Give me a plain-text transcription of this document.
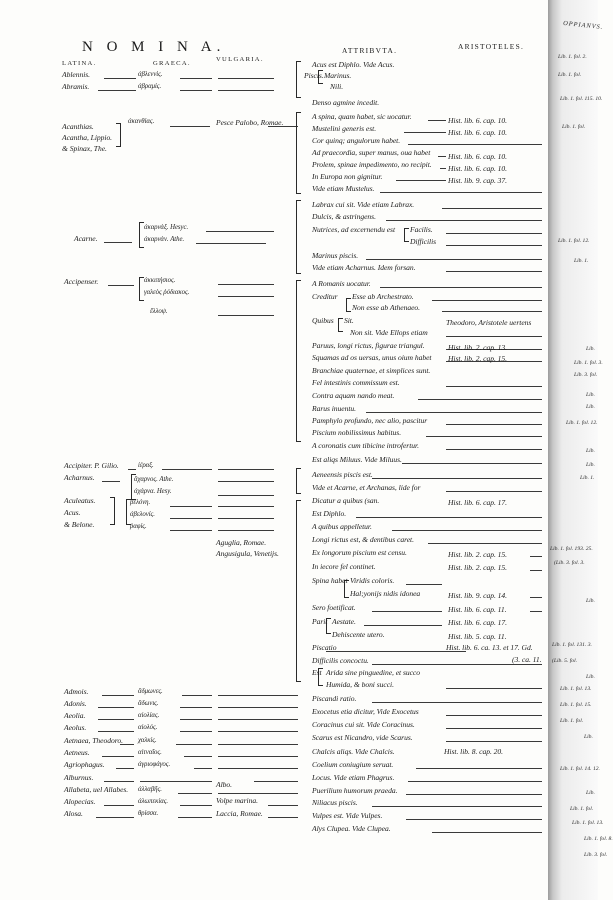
N O M I N A.
LATINA.	GRAECA.
VULGARIA.
ATTRIBVTA.	ARISTOTELES.
Ablennis.
Abramis.
Acanthias.
Acantha, Lippio.
& Spinax, The.
Acarne.
Accipenser.
Accipiter. P. Gilio.
Acharnus.
Aculeatus.
Acus.
& Belone.
Admois.
Adonis.
Aeolia.
Aeolus.
Aetnaea, Theodoro.
Aetneus.
Agriophagus.
Alburnus.
Allabeta, uel Allabes.
Alopecias.
Alosa.
ἀβλεννὶς.
ἀβραμὶς.
ἀκανθίας.
ἀκαρνὰξ. Hesyc.
ἀκαρνὰν. Athe.
ἀκκιπήσιος.
γαλεὸς ῥόδιακος.
ἔλλοψ.
ἱέραξ.
ἄχαρνος. Athe.
ἀχάρνα. Hesy.
βελόνη.
ἀβελονίς.
ῥαφίς.
ἄδμωνες.
ἄδωνις.
αἰολίας.
αἰολός.
χαλκίς.
αἰτναῖος.
ἀγριοφάγος.
ἀλλαβῆς.
ἀλωπεκίας.
θρίσσα.
Pesce Palobo, Romae.
Aguglia, Romae.
Angusigula, Venetijs.
Albo.
Volpe marina.
Laccia, Romae.
Acus est Diphlo. Vide Acus.
Piscis. Marinus.
Nili.
Denso agmine incedit.
A spina, quam habet, sic uocatur.
Mustelini generis est.
Cor quinq; angulorum habet.
Ad praecordia, super manus, oua habet
Prolem, spinae impedimento, no recipit.
In Europa non gignitur.
Vide etiam Mustelus.
Labrax cui sit. Vide etiam Labrax.
Dulcis, & astringens.
Nutrices, ad excernendu est Facilis.
Difficilis
Marinus piscis.
Vide etiam Acharnus. Idem forsan.
A Romanis uocatur.
Creditur Esse ab Archestrato.
Non esse ab Athenaeo.
Quibus Sit.
Non sit. Vide Ellops etiam
Paruus, longi rictus, figurae triangul.
Squamas ad os uersas, unus oium habet
Branchiae quaternae, et simplices sunt.
Fel intestinis commissum est.
Contra aquam nando meat.
Rarus inuentu.
Pamphylo profundo, nec alio, pascitur
Piscium nobilissimus habitus.
A coronatis cum tibicine introfertur.
Est aliqs Miluus. Vide Miluus.
Aeneensis piscis est.
Vide et Acarne, et Archanas, lide for
Dicatur a quibus (san.
Est Diphlo.
A quibus appelletur.
Longi rictus est, & dentibus caret.
Ex longorum piscium est censu.
In iecore fel continet.
Spina habet Viridis coloris.
Hal;yonijs nidis idonea
Sero foetificat.
Parit Aestate.
Dehiscente utero.
Piscatio
Difficilis concoctu.
Est Arida sine pinguedine, et succo
Humida, & boni succi.
Piscandi ratio.
Exocetus etia dicitur, Vide Exocetus
Coracinus cui sit. Vide Coracinus.
Scarus est Nicandro, vide Scarus.
Chalcis aliqs. Vide Chalcis.
Coelium coniugium seruat.
Locus. Vide etiam Phagrus.
Puerilium humorum praeda.
Niliacus piscis.
Vulpes est. Vide Vulpes.
Alys Clupea. Vide Clupea.
Hist. lib. 6. cap. 10.
Hist. lib. 6. cap. 10.
Hist. lib. 6. cap. 10.
Hist. lib. 6. cap. 10.
Hist. lib. 9. cap. 37.
Theodoro, Aristotele uertens
Hist. lib. 2. cap. 13.
Hist. lib. 2. cap. 15.
Hist. lib. 6. cap. 17.
Hist. lib. 2. cap. 15.
Hist. lib. 2. cap. 15.
Hist. lib. 9. cap. 14.
Hist. lib. 6. cap. 11.
Hist. lib. 6. cap. 17.
Hist. lib. 5. cap. 11.
Hist. lib. 6. ca. 13. et 17. Gd.
(3. ca. 11.
Hist. lib. 8. cap. 20.
OPPIANVS.
Lib. 1. fol. 2.
Lib. 1. fol.
Lib. 1. fol. 115. 10.
Lib. 1. fol.
Lib. 1. fol. 12.
Lib. 1.
Lib.
Lib. 1. fol. 3.
Lib. 3. fol.
Lib.
Lib.
Lib. 1. fol. 12.
Lib.
Lib.
Lib. 1.
Lib. 1. fol. 193. 25.
(Lib. 3. fol. 3.
Lib.
Lib. 1. fol. 131. 3.
(Lib. 5. fol.
Lib.
Lib. 1. fol. 13.
Lib. 1. fol. 15.
Lib. 1. fol.
Lib.
Lib. 1. fol. 14. 12.
Lib.
Lib. 1. fol.
Lib. 1. fol. 13.
Lib. 1. fol. 8.
Lib. 3. fol.
